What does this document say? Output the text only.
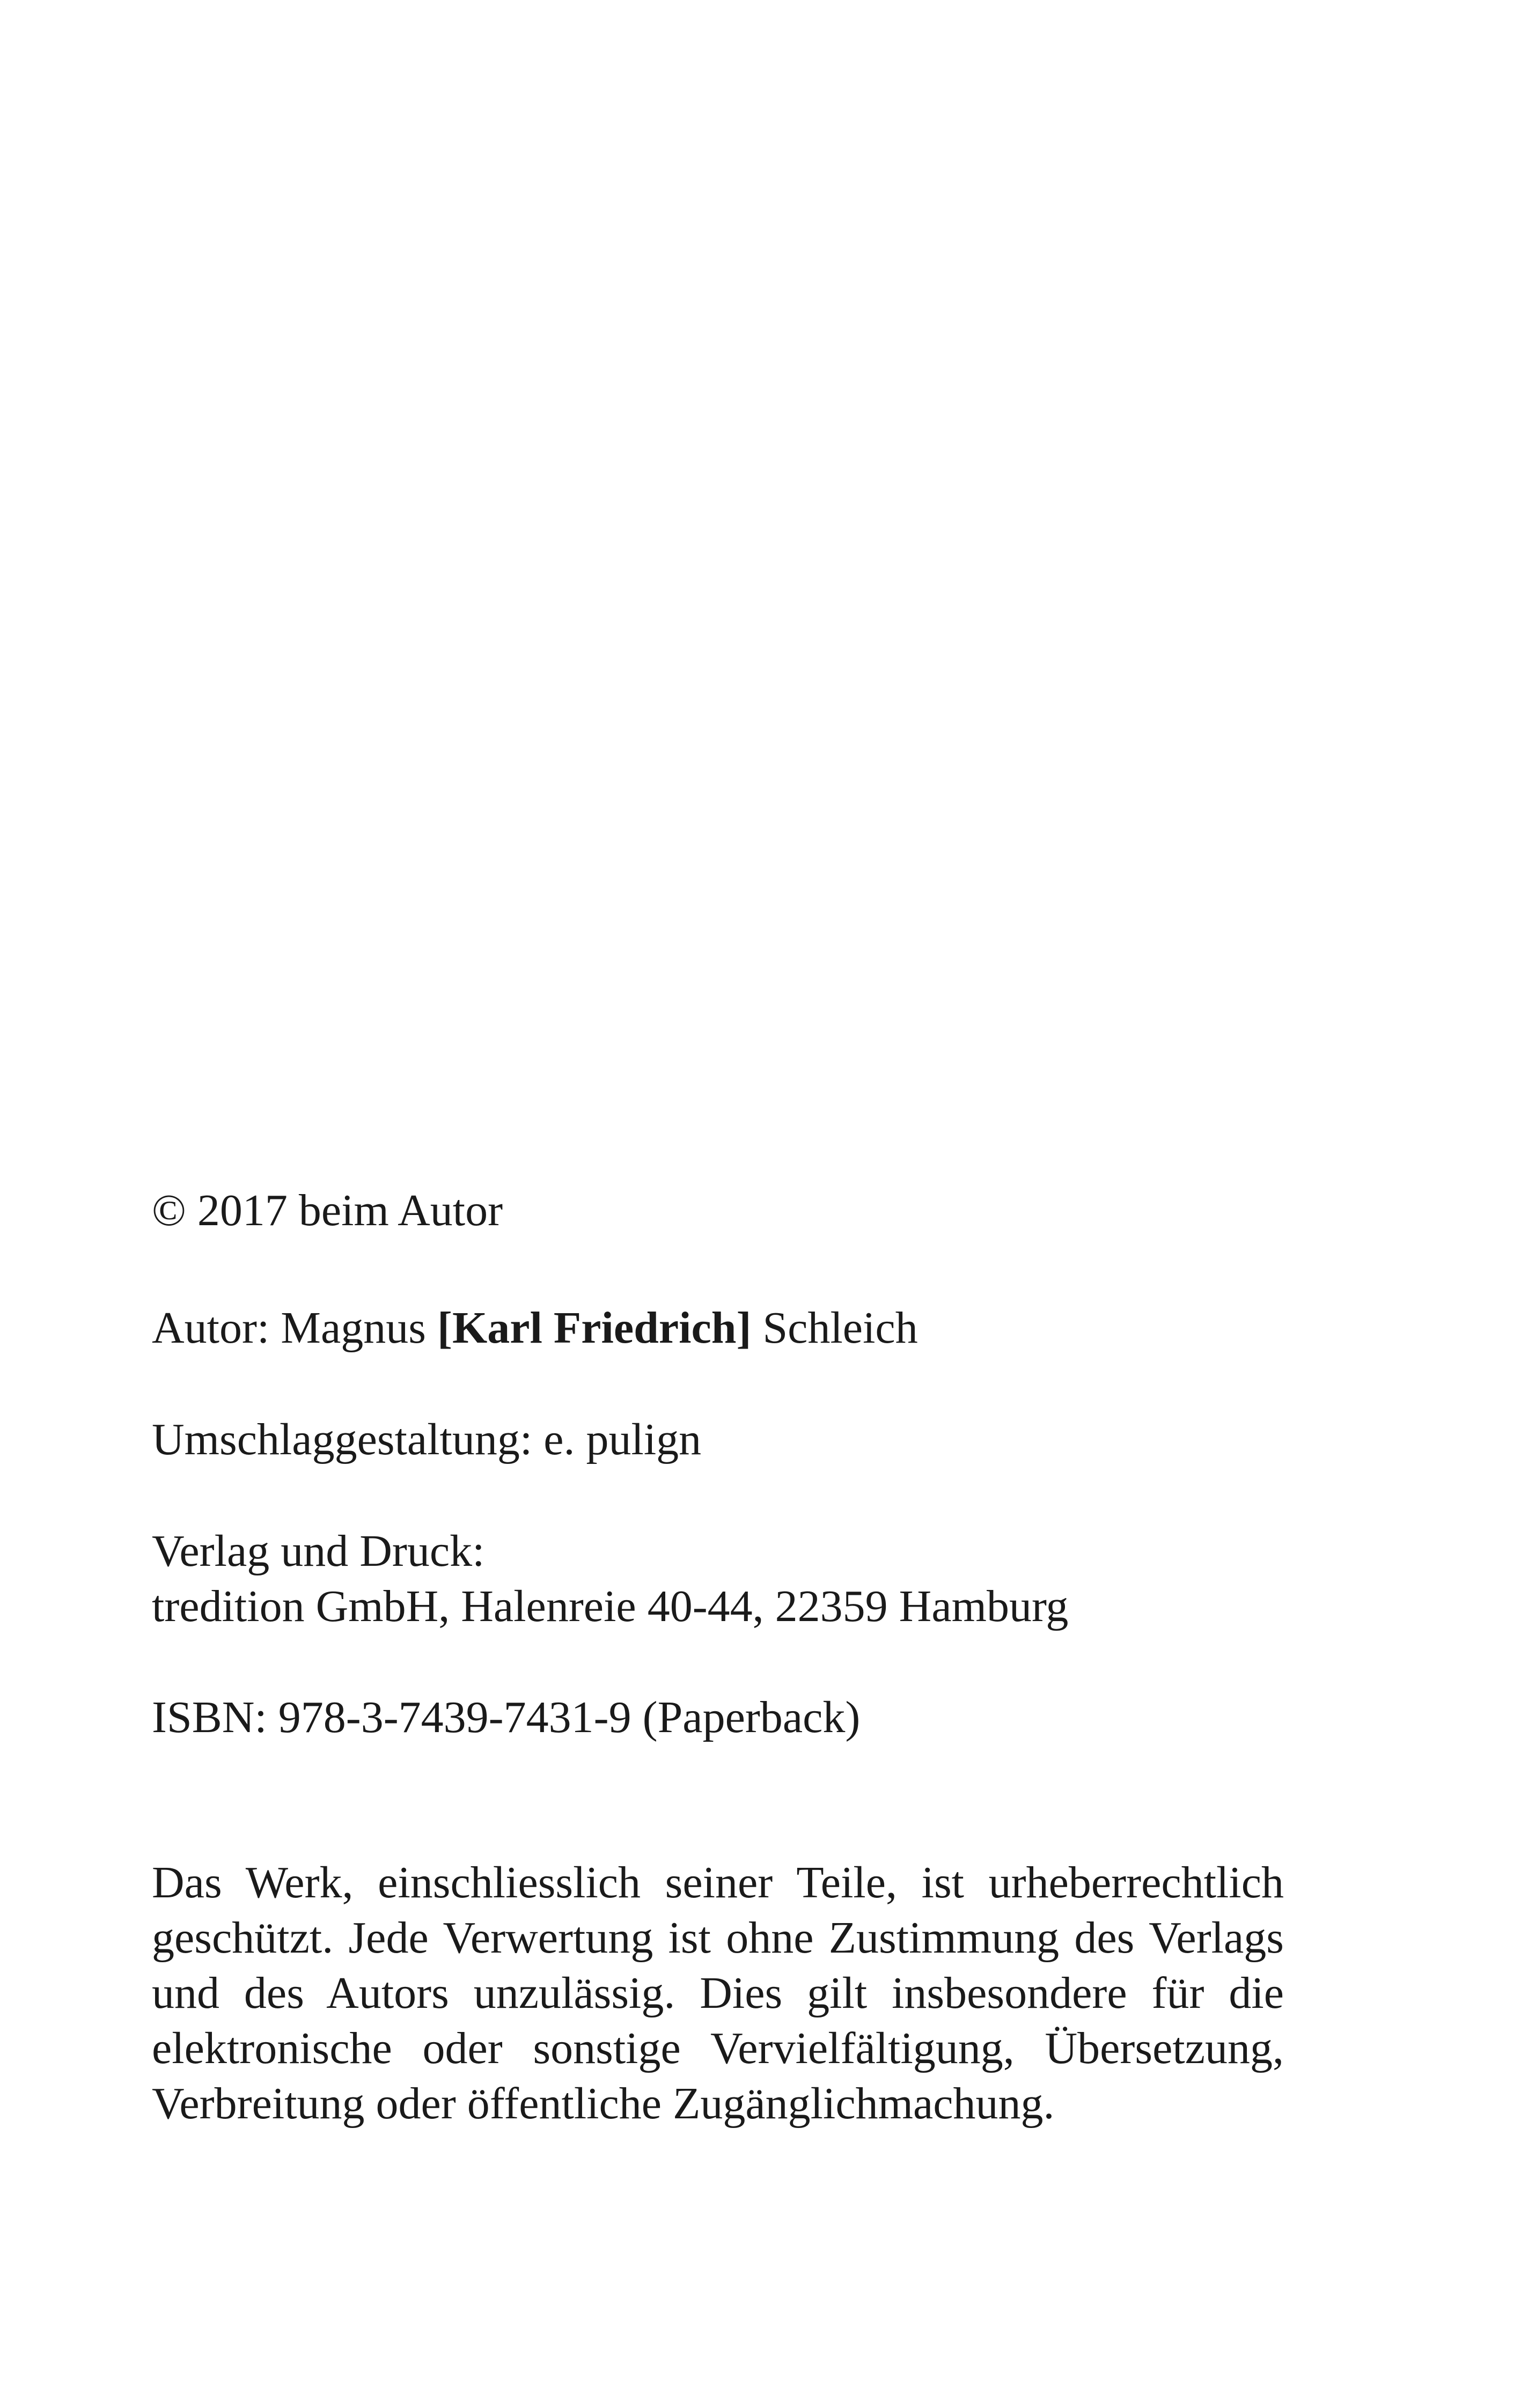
© 2017 beim Autor
Autor: Magnus [Karl Friedrich] Schleich
Umschlaggestaltung: e. pulign
Verlag und Druck:
tredition GmbH, Halenreie 40-44, 22359 Hamburg
ISBN: 978-3-7439-7431-9 (Paperback)
Das Werk, einschliesslich seiner Teile, ist urheberrechtlich geschützt. Jede Verwertung ist ohne Zustimmung des Verlags und des Autors unzulässig. Dies gilt insbesondere für die elektronische oder sonstige Vervielfältigung, Übersetzung, Verbreitung oder öffentliche Zugänglichmachung.
